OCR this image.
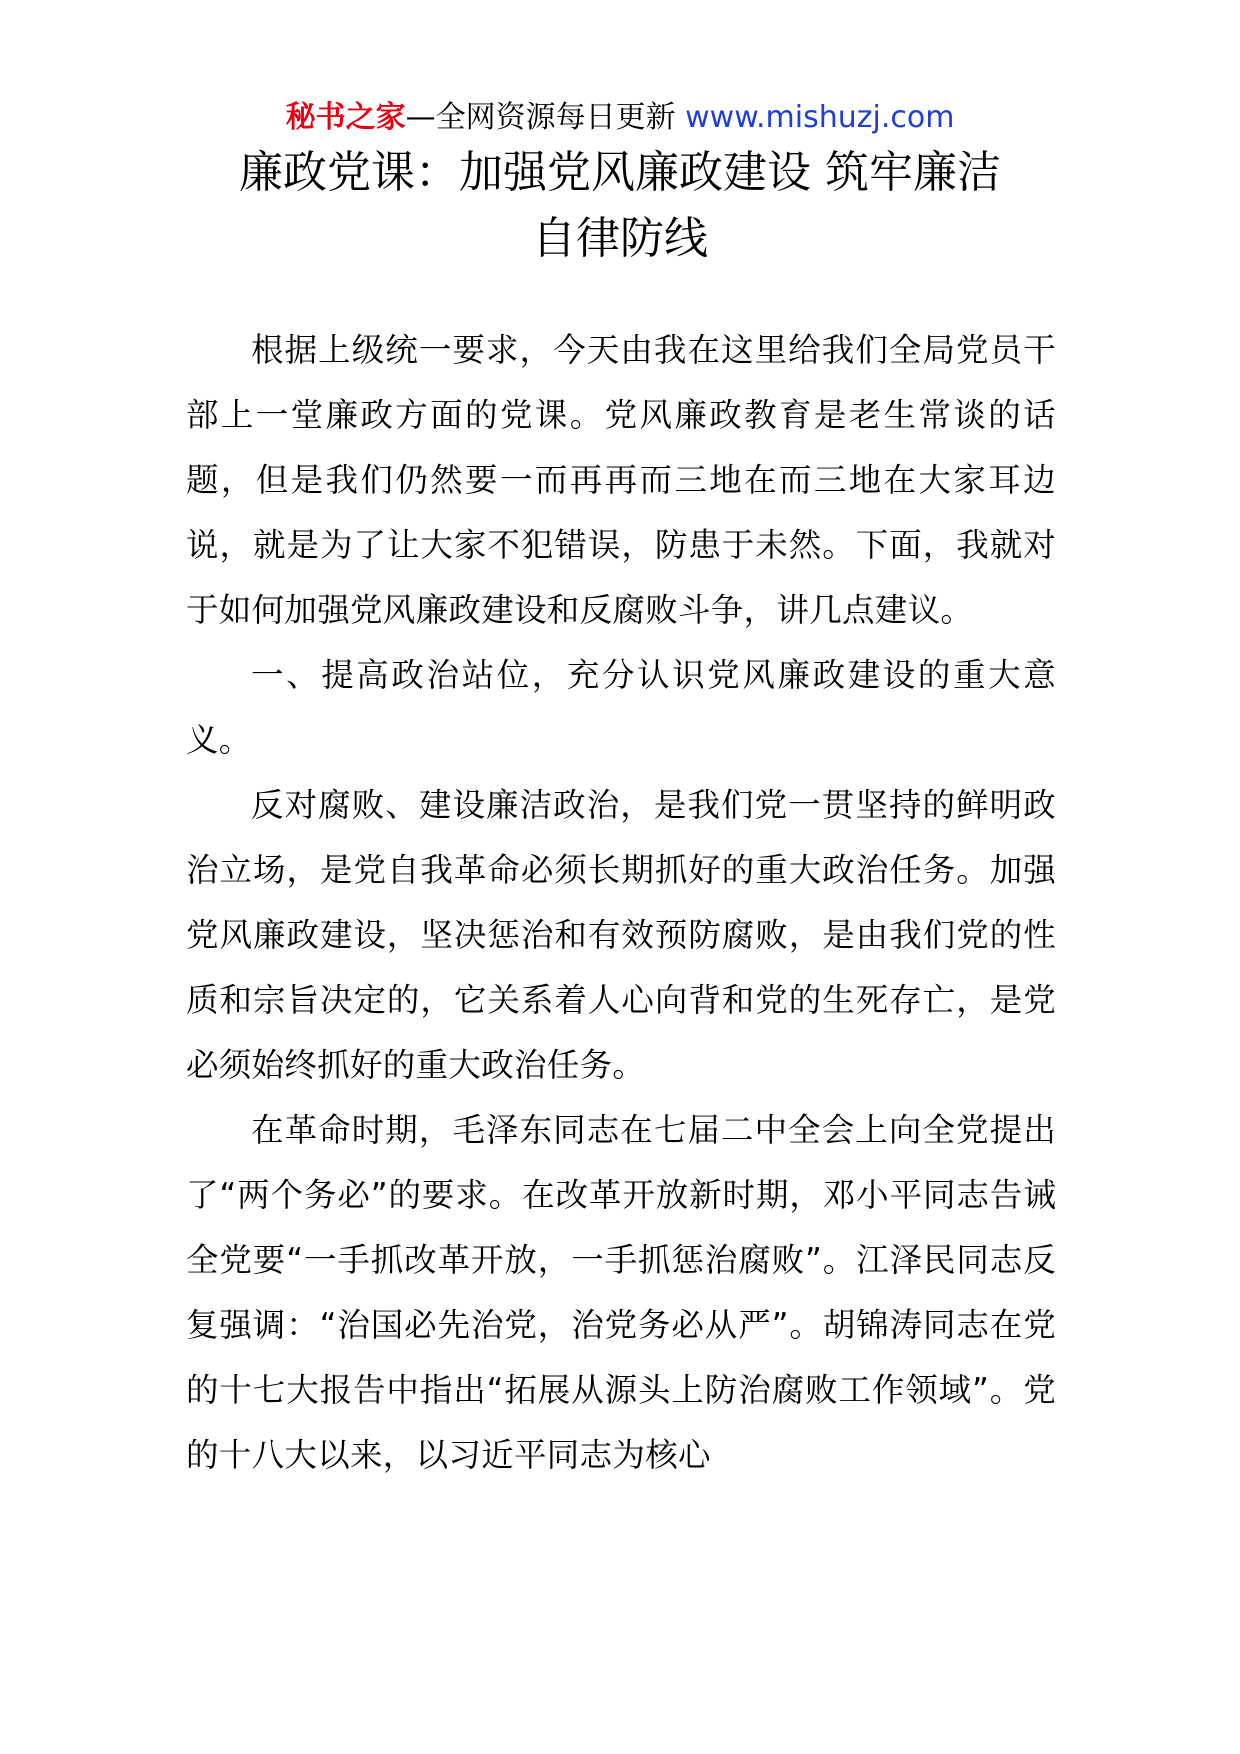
秘书之家—全网资源每日更新 www.mishuzj.com
廉政党课：加强党风廉政建设 筑牢廉洁
自律防线

根据上级统一要求，今天由我在这里给我们全局党员干部上一堂廉政方面的党课。党风廉政教育是老生常谈的话题，但是我们仍然要一而再再而三地在而三地在大家耳边说，就是为了让大家不犯错误，防患于未然。下面，我就对于如何加强党风廉政建设和反腐败斗争，讲几点建议。

一、提高政治站位，充分认识党风廉政建设的重大意义。

反对腐败、建设廉洁政治，是我们党一贯坚持的鲜明政治立场，是党自我革命必须长期抓好的重大政治任务。加强党风廉政建设，坚决惩治和有效预防腐败，是由我们党的性质和宗旨决定的，它关系着人心向背和党的生死存亡，是党必须始终抓好的重大政治任务。

在革命时期，毛泽东同志在七届二中全会上向全党提出了“两个务必”的要求。在改革开放新时期，邓小平同志告诫全党要“一手抓改革开放，一手抓惩治腐败”。江泽民同志反复强调：“治国必先治党，治党务必从严”。胡锦涛同志在党的十七大报告中指出“拓展从源头上防治腐败工作领域”。党的十八大以来，以习近平同志为核心
